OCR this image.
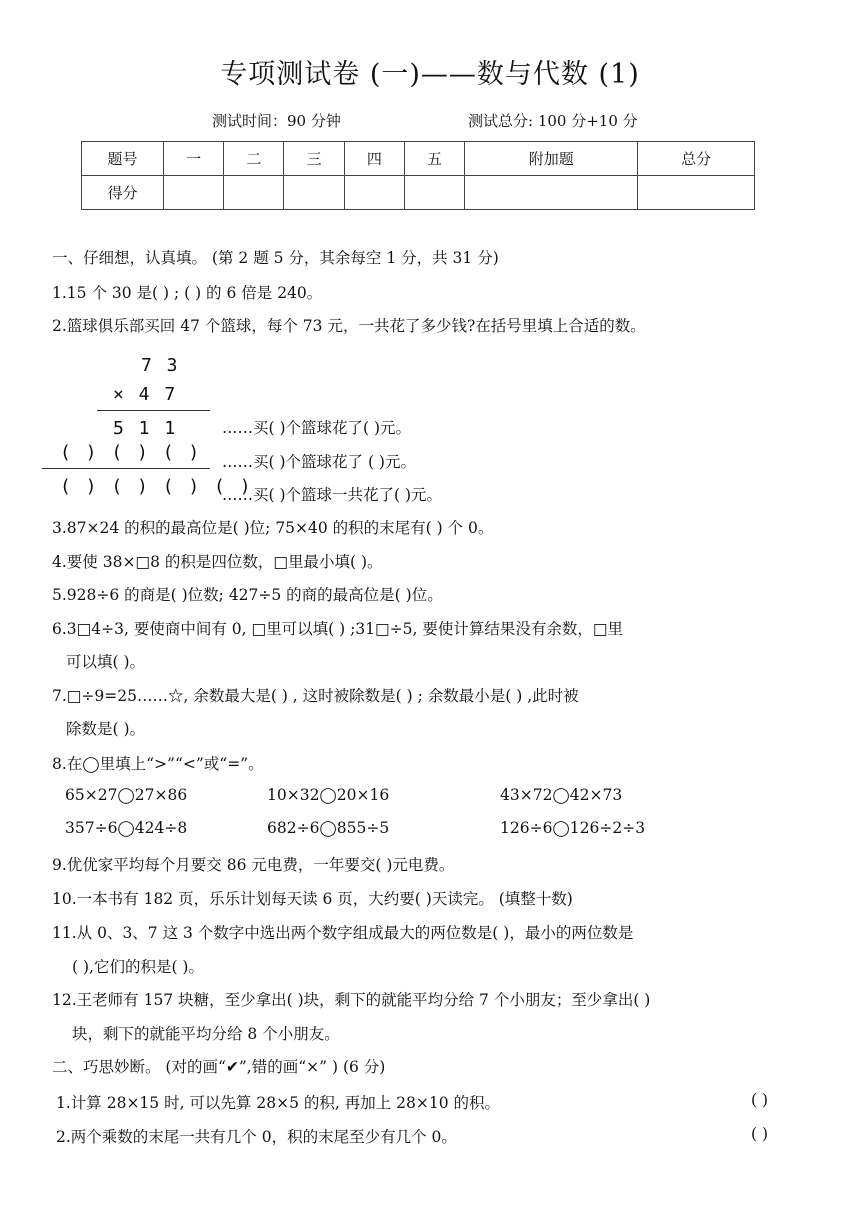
专项测试卷 (一)——数与代数 (1)
测试时间：90 分钟	测试总分: 100 分+10 分
题号	一	二	三	四	五	附加题	总分
得分							
一、仔细想，认真填。 (第 2 题 5 分，其余每空 1 分，共 31 分)
1.15 个 30 是( ) ; ( ) 的 6 倍是 240。
2.篮球俱乐部买回 47 个篮球，每个 73 元，一共花了多少钱?在括号里填上合适的数。
7 3
× 4 7
5 1 1
( ) ( ) ( )
( ) ( ) ( ) ( )
……买( )个篮球花了( )元。
……买( )个篮球花了 ( )元。
……买( )个篮球一共花了( )元。
3.87×24 的积的最高位是( )位; 75×40 的积的末尾有( ) 个 0。
4.要使 38×□8 的积是四位数，□里最小填( )。
5.928÷6 的商是( )位数; 427÷5 的商的最高位是( )位。
6.3□4÷3, 要使商中间有 0, □里可以填( ) ;31□÷5, 要使计算结果没有余数，□里
可以填( )。
7.□÷9=25……☆, 余数最大是( ) , 这时被除数是( ) ; 余数最小是( ) ,此时被
除数是( )。
8.在◯里填上“>”“<”或“=”。
65×27◯27×86	10×32◯20×16	43×72◯42×73
357÷6◯424÷8	682÷6◯855÷5	126÷6◯126÷2÷3
9.优优家平均每个月要交 86 元电费，一年要交( )元电费。
10.一本书有 182 页，乐乐计划每天读 6 页，大约要( )天读完。 (填整十数)
11.从 0、3、7 这 3 个数字中选出两个数字组成最大的两位数是( )，最小的两位数是
( ),它们的积是( )。
12.王老师有 157 块糖，至少拿出( )块，剩下的就能平均分给 7 个小朋友；至少拿出( )
块，剩下的就能平均分给 8 个小朋友。
二、巧思妙断。 (对的画“✔”,错的画“×” ) (6 分)
1.计算 28×15 时, 可以先算 28×5 的积, 再加上 28×10 的积。	( )
2.两个乘数的末尾一共有几个 0，积的末尾至少有几个 0。	( )
